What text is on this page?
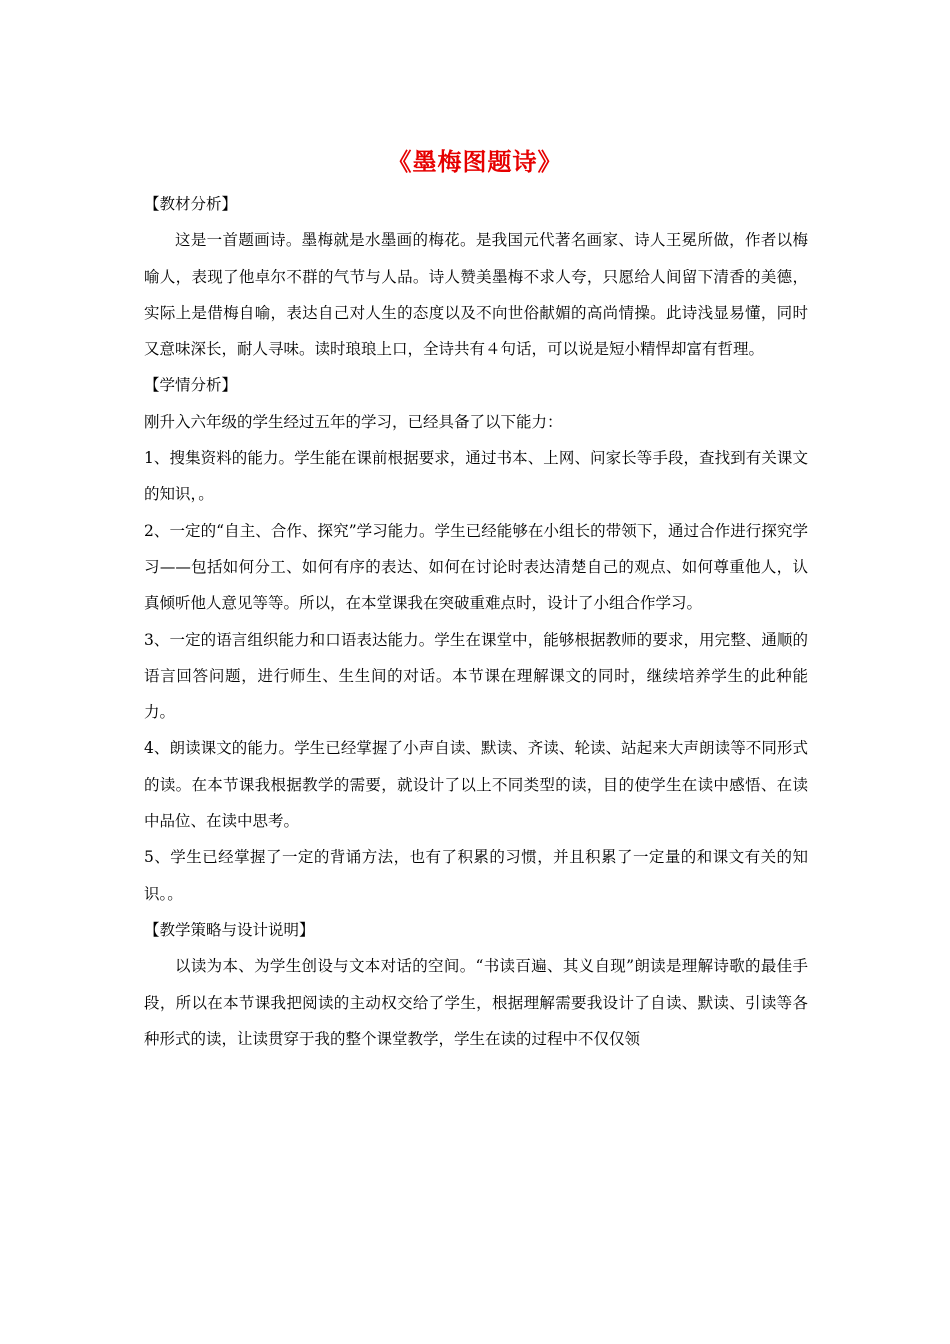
《墨梅图题诗》

【教材分析】

这是一首题画诗。墨梅就是水墨画的梅花。是我国元代著名画家、诗人王冕所做，作者以梅喻人，表现了他卓尔不群的气节与人品。诗人赞美墨梅不求人夸，只愿给人间留下清香的美德，实际上是借梅自喻，表达自己对人生的态度以及不向世俗献媚的高尚情操。此诗浅显易懂，同时又意味深长，耐人寻味。读时琅琅上口，全诗共有４句话，可以说是短小精悍却富有哲理。

【学情分析】

刚升入六年级的学生经过五年的学习，已经具备了以下能力：

1、搜集资料的能力。学生能在课前根据要求，通过书本、上网、问家长等手段，查找到有关课文的知识，。

2、一定的“自主、合作、探究”学习能力。学生已经能够在小组长的带领下，通过合作进行探究学习——包括如何分工、如何有序的表达、如何在讨论时表达清楚自己的观点、如何尊重他人，认真倾听他人意见等等。所以，在本堂课我在突破重难点时，设计了小组合作学习。

3、一定的语言组织能力和口语表达能力。学生在课堂中，能够根据教师的要求，用完整、通顺的语言回答问题，进行师生、生生间的对话。本节课在理解课文的同时，继续培养学生的此种能力。

4、朗读课文的能力。学生已经掌握了小声自读、默读、齐读、轮读、站起来大声朗读等不同形式的读。在本节课我根据教学的需要，就设计了以上不同类型的读，目的使学生在读中感悟、在读中品位、在读中思考。

5、学生已经掌握了一定的背诵方法，也有了积累的习惯，并且积累了一定量的和课文有关的知识。。

【教学策略与设计说明】

以读为本、为学生创设与文本对话的空间。“书读百遍、其义自现”朗读是理解诗歌的最佳手段，所以在本节课我把阅读的主动权交给了学生，根据理解需要我设计了自读、默读、引读等各种形式的读，让读贯穿于我的整个课堂教学，学生在读的过程中不仅仅领
